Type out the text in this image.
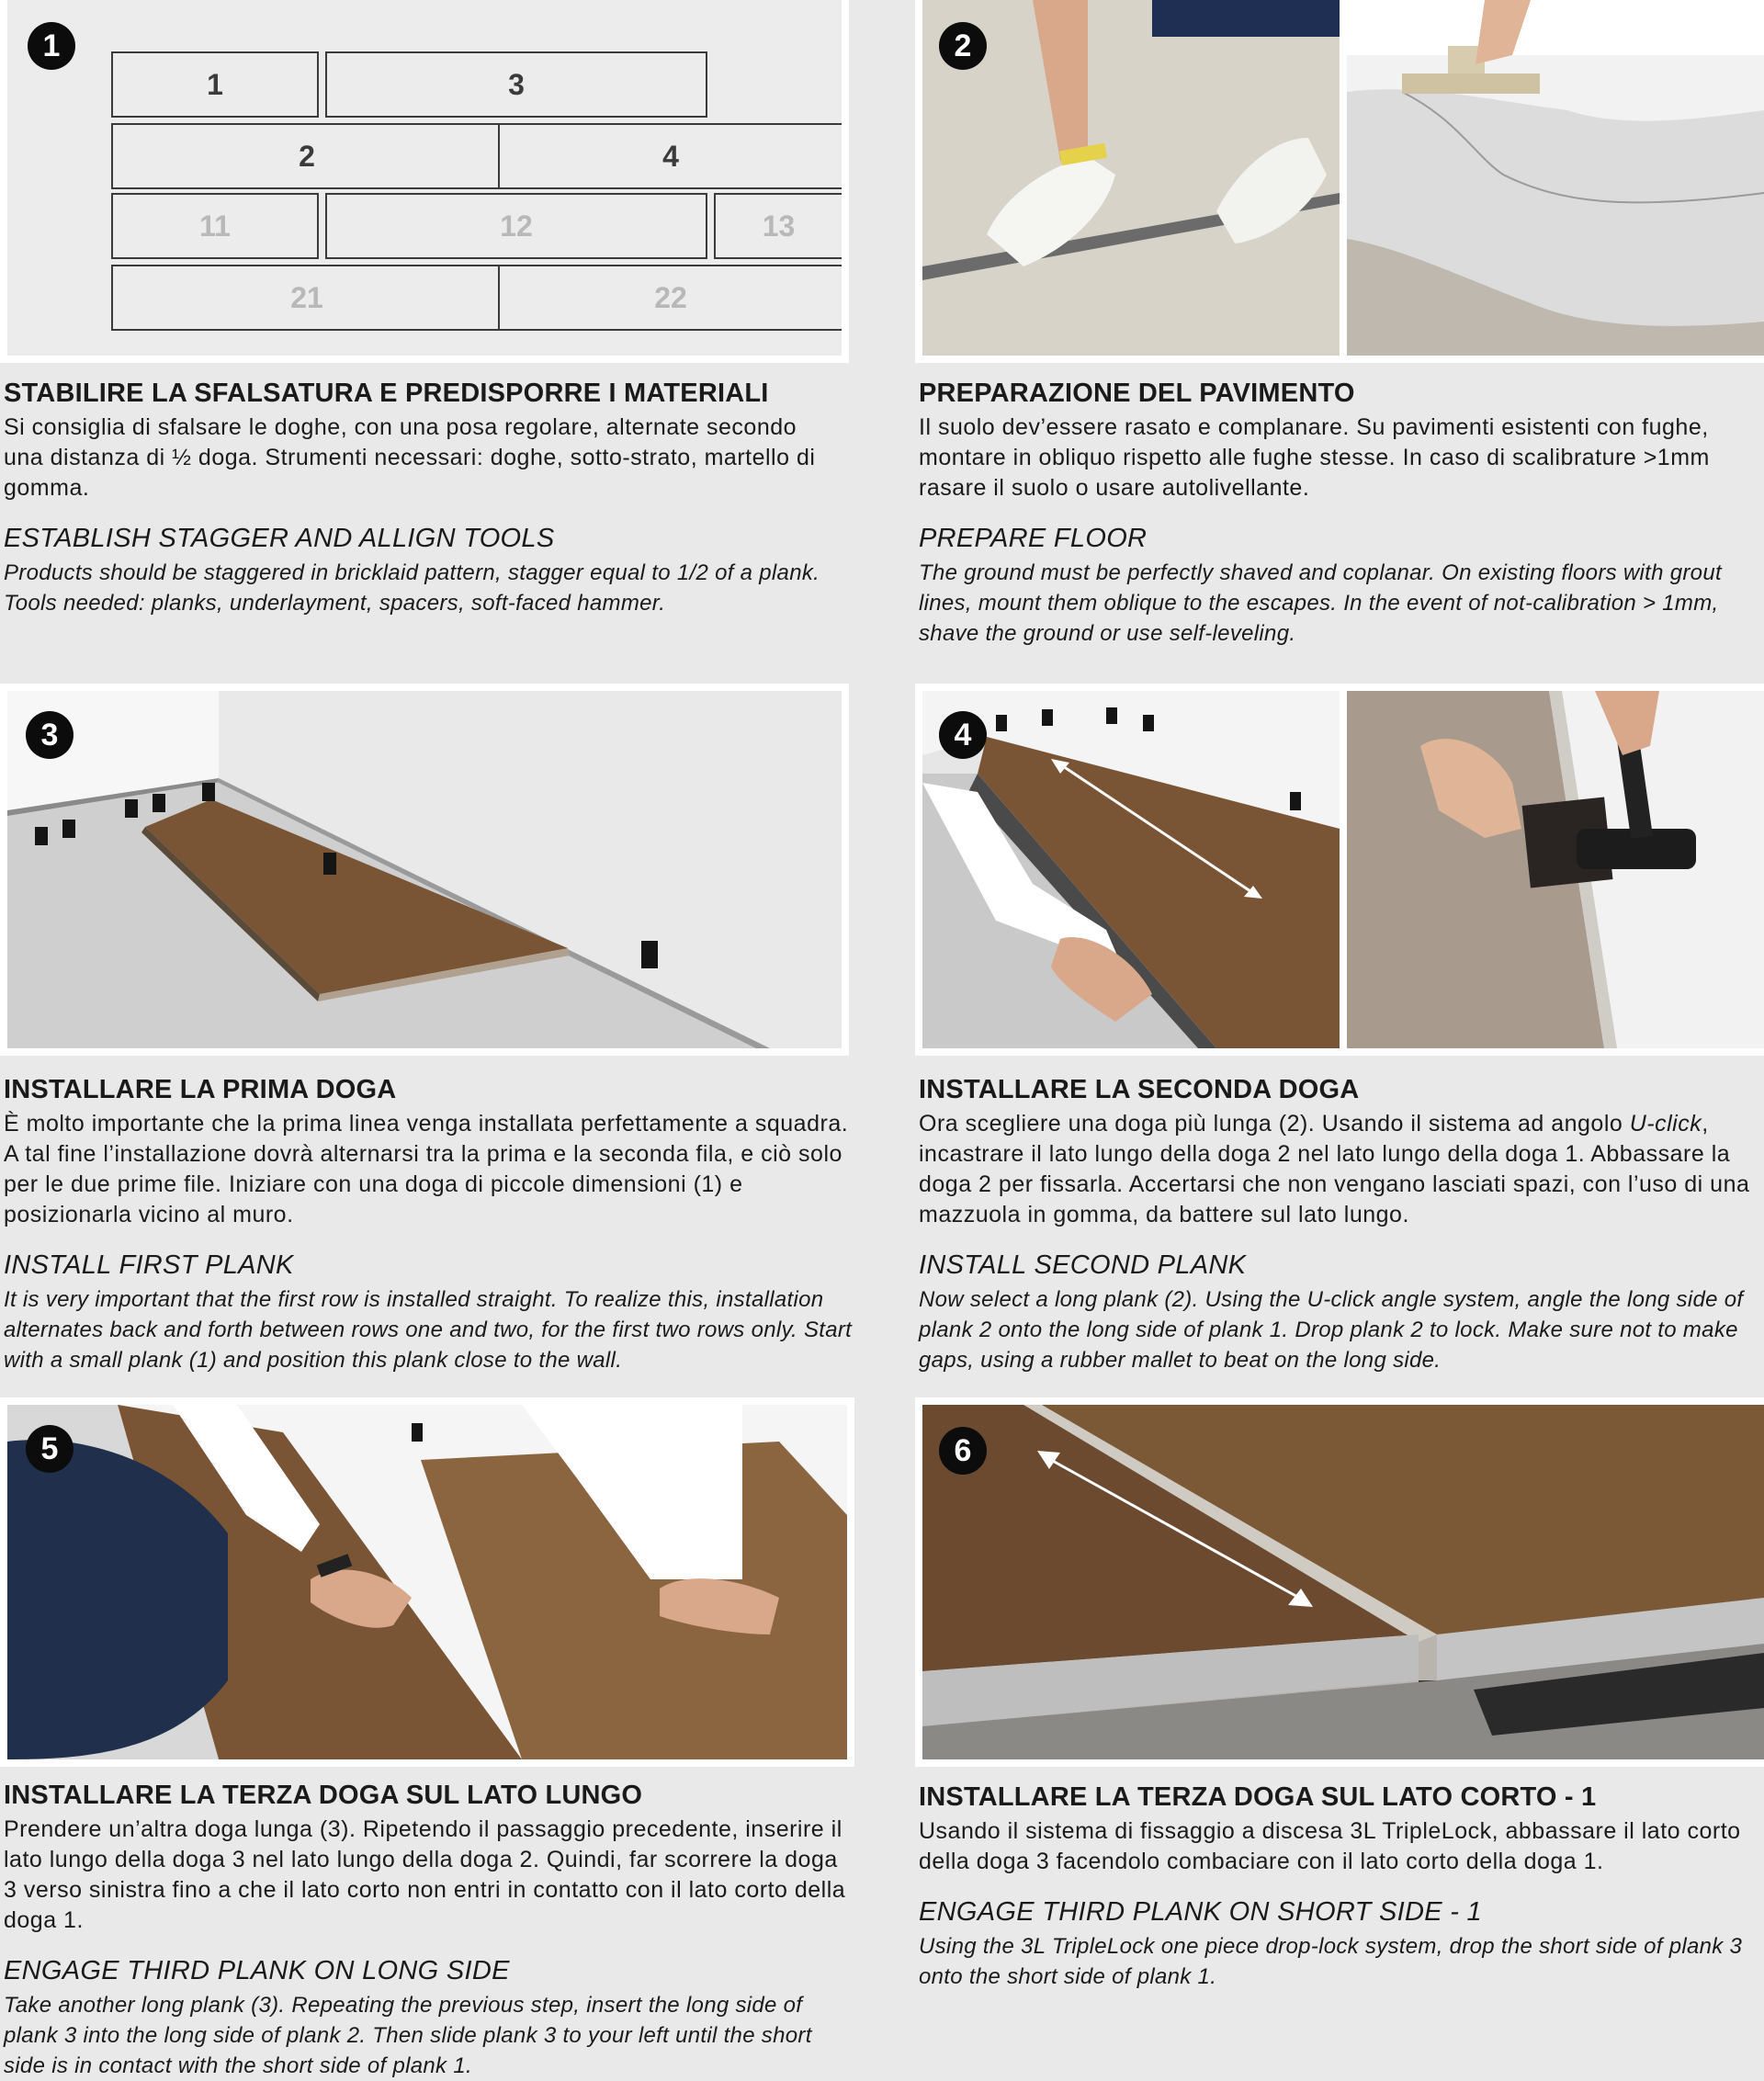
1
1	3
2	4
11	12	13
21	22
STABILIRE LA SFALSATURA E PREDISPORRE I MATERIALI

Si consiglia di sfalsare le doghe, con una posa regolare, alternate secondo una distanza di ½ doga. Strumenti necessari: doghe, sotto-strato, martello di gomma.

ESTABLISH STAGGER AND ALLIGN TOOLS

Products should be staggered in bricklaid pattern, stagger equal to 1/2 of a plank. Tools needed: planks, underlayment, spacers, soft-faced hammer.

2
PREPARAZIONE DEL PAVIMENTO

Il suolo dev’essere rasato e complanare. Su pavimenti esistenti con fughe, montare in obliquo rispetto alle fughe stesse. In caso di scalibrature >1mm rasare il suolo o usare autolivellante.

PREPARE FLOOR

The ground must be perfectly shaved and coplanar. On existing floors with grout lines, mount them oblique to the escapes. In the event of not-calibration > 1mm, shave the ground or use self-leveling.

3
INSTALLARE LA PRIMA DOGA

È molto importante che la prima linea venga installata perfettamente a squadra. A tal fine l’installazione dovrà alternarsi tra la prima e la seconda fila, e ciò solo per le due prime file. Iniziare con una doga di piccole dimensioni (1) e posizionarla vicino al muro.

INSTALL FIRST PLANK

It is very important that the first row is installed straight. To realize this, installation alternates back and forth between rows one and two, for the first two rows only. Start with a small plank (1) and position this plank close to the wall.

4
INSTALLARE LA SECONDA DOGA

Ora scegliere una doga più lunga (2). Usando il sistema ad angolo U-click, incastrare il lato lungo della doga 2 nel lato lungo della doga 1. Abbassare la doga 2 per fissarla. Accertarsi che non vengano lasciati spazi, con l’uso di una mazzuola in gomma, da battere sul lato lungo.

INSTALL SECOND PLANK

Now select a long plank (2). Using the U-click angle system, angle the long side of plank 2 onto the long side of plank 1. Drop plank 2 to lock. Make sure not to make gaps, using a rubber mallet to beat on the long side.

5
INSTALLARE LA TERZA DOGA SUL LATO LUNGO

Prendere un’altra doga lunga (3). Ripetendo il passaggio precedente, inserire il lato lungo della doga 3 nel lato lungo della doga 2. Quindi, far scorrere la doga 3 verso sinistra fino a che il lato corto non entri in contatto con il lato corto della doga 1.

ENGAGE THIRD PLANK ON LONG SIDE

Take another long plank (3). Repeating the previous step, insert the long side of plank 3 into the long side of plank 2. Then slide plank 3 to your left until the short side is in contact with the short side of plank 1.

6
INSTALLARE LA TERZA DOGA SUL LATO CORTO - 1

Usando il sistema di fissaggio a discesa 3L TripleLock, abbassare il lato corto della doga 3 facendolo combaciare con il lato corto della doga 1.

ENGAGE THIRD PLANK ON SHORT SIDE - 1

Using the 3L TripleLock one piece drop-lock system, drop the short side of plank 3 onto the short side of plank 1.
